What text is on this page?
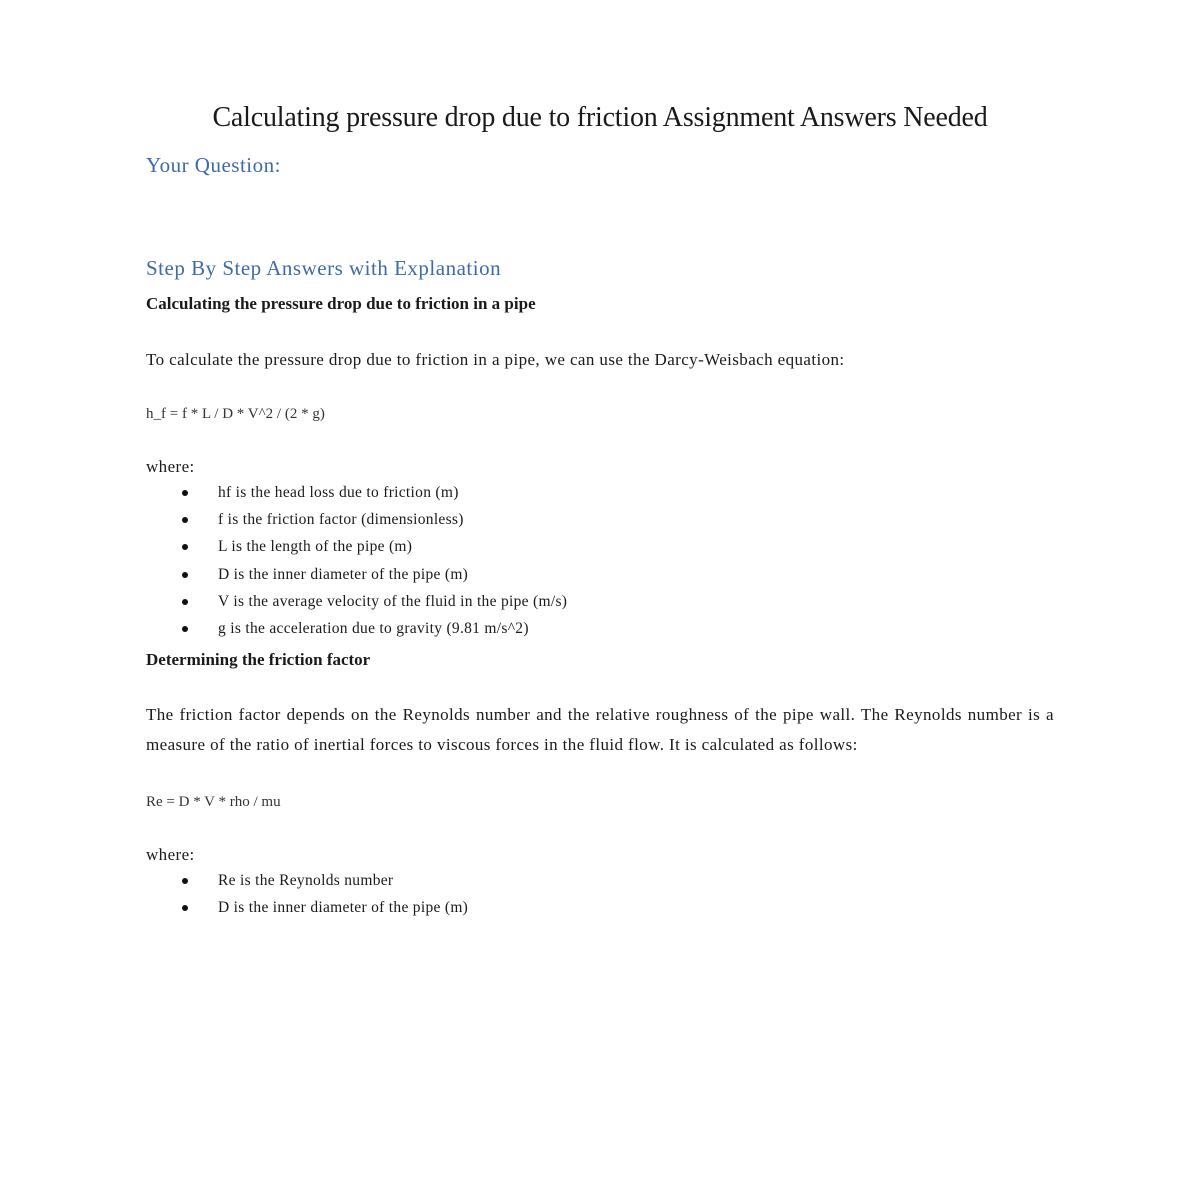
Calculating pressure drop due to friction Assignment Answers Needed
Your Question:
Step By Step Answers with Explanation
Calculating the pressure drop due to friction in a pipe

To calculate the pressure drop due to friction in a pipe, we can use the Darcy-Weisbach equation:

h_f = f * L / D * V^2 / (2 * g)

where:

hf is the head loss due to friction (m)
f is the friction factor (dimensionless)
L is the length of the pipe (m)
D is the inner diameter of the pipe (m)
V is the average velocity of the fluid in the pipe (m/s)
g is the acceleration due to gravity (9.81 m/s^2)
Determining the friction factor

The friction factor depends on the Reynolds number and the relative roughness of the pipe wall. The Reynolds number is a measure of the ratio of inertial forces to viscous forces in the fluid flow. It is calculated as follows:

Re = D * V * rho / mu

where:

Re is the Reynolds number
D is the inner diameter of the pipe (m)
